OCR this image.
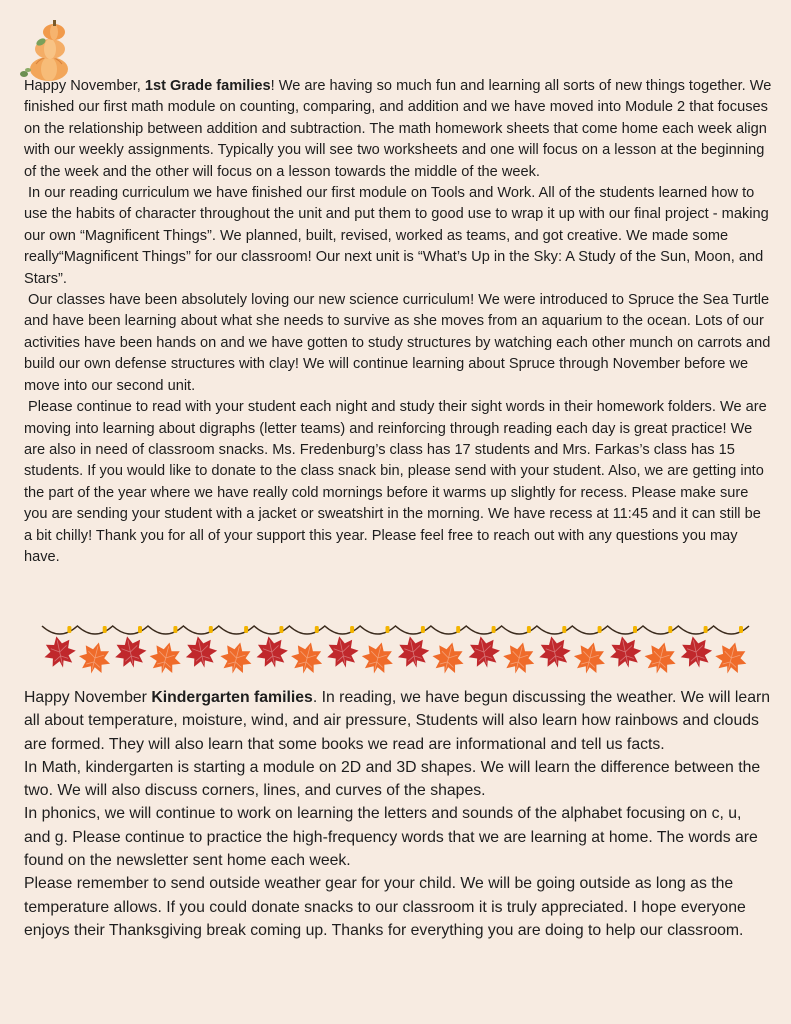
Happy November, 1st Grade families! We are having so much fun and learning all sorts of new things together. We finished our first math module on counting, comparing, and addition and we have moved into Module 2 that focuses on the relationship between addition and subtraction. The math homework sheets that come home each week align with our weekly assignments. Typically you will see two worksheets and one will focus on a lesson at the beginning of the week and the other will focus on a lesson towards the middle of the week.

In our reading curriculum we have finished our first module on Tools and Work. All of the students learned how to use the habits of character throughout the unit and put them to good use to wrap it up with our final project - making our own “Magnificent Things”. We planned, built, revised, worked as teams, and got creative. We made some really“Magnificent Things” for our classroom! Our next unit is “What’s Up in the Sky: A Study of the Sun, Moon, and Stars”.

Our classes have been absolutely loving our new science curriculum! We were introduced to Spruce the Sea Turtle and have been learning about what she needs to survive as she moves from an aquarium to the ocean. Lots of our activities have been hands on and we have gotten to study structures by watching each other munch on carrots and build our own defense structures with clay! We will continue learning about Spruce through November before we move into our second unit.

Please continue to read with your student each night and study their sight words in their homework folders. We are moving into learning about digraphs (letter teams) and reinforcing through reading each day is great practice! We are also in need of classroom snacks. Ms. Fredenburg’s class has 17 students and Mrs. Farkas’s class has 15 students. If you would like to donate to the class snack bin, please send with your student. Also, we are getting into the part of the year where we have really cold mornings before it warms up slightly for recess. Please make sure you are sending your student with a jacket or sweatshirt in the morning. We have recess at 11:45 and it can still be a bit chilly! Thank you for all of your support this year. Please feel free to reach out with any questions you may have.

Happy November Kindergarten families. In reading, we have begun discussing the weather. We will learn all about temperature, moisture, wind, and air pressure, Students will also learn how rainbows and clouds are formed. They will also learn that some books we read are informational and tell us facts.

In Math, kindergarten is starting a module on 2D and 3D shapes. We will learn the difference between the two. We will also discuss corners, lines, and curves of the shapes.

In phonics, we will continue to work on learning the letters and sounds of the alphabet focusing on c, u, and g. Please continue to practice the high-frequency words that we are learning at home. The words are found on the newsletter sent home each week.

Please remember to send outside weather gear for your child. We will be going outside as long as the temperature allows. If you could donate snacks to our classroom it is truly appreciated. I hope everyone enjoys their Thanksgiving break coming up. Thanks for everything you are doing to help our classroom.
